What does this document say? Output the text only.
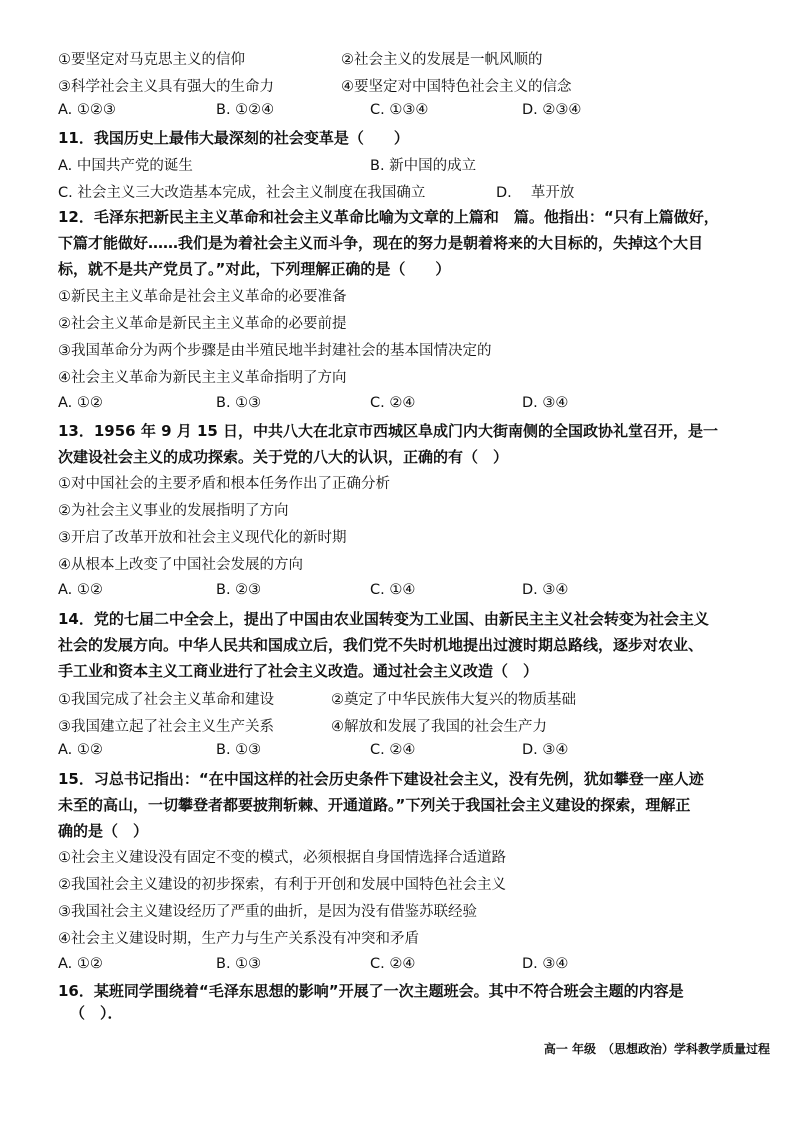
①要坚定对马克思主义的信仰	②社会主义的发展是一帆风顺的
③科学社会主义具有强大的生命力	④要坚定对中国特色社会主义的信念
A. ①②③	B. ①②④	C. ①③④	D. ②③④
11．我国历史上最伟大最深刻的社会变革是（　　）
A. 中国共产党的诞生	B. 新中国的成立
C. 社会主义三大改造基本完成，社会主义制度在我国确立	D. 　革开放
12．毛泽东把新民主主义革命和社会主义革命比喻为文章的上篇和　篇。他指出：“只有上篇做好，
下篇才能做好……我们是为着社会主义而斗争，现在的努力是朝着将来的大目标的，失掉这个大目
标，就不是共产党员了。”对此，下列理解正确的是（　　）
①新民主主义革命是社会主义革命的必要准备
②社会主义革命是新民主主义革命的必要前提
③我国革命分为两个步骤是由半殖民地半封建社会的基本国情决定的
④社会主义革命为新民主主义革命指明了方向
A. ①②	B. ①③	C. ②④	D. ③④
13．1956 年 9 月 15 日，中共八大在北京市西城区阜成门内大街南侧的全国政协礼堂召开，是一
次建设社会主义的成功探索。关于党的八大的认识，正确的有（　）
①对中国社会的主要矛盾和根本任务作出了正确分析
②为社会主义事业的发展指明了方向
③开启了改革开放和社会主义现代化的新时期
④从根本上改变了中国社会发展的方向
A. ①②	B. ②③	C. ①④	D. ③④
14．党的七届二中全会上，提出了中国由农业国转变为工业国、由新民主主义社会转变为社会主义
社会的发展方向。中华人民共和国成立后，我们党不失时机地提出过渡时期总路线，逐步对农业、
手工业和资本主义工商业进行了社会主义改造。通过社会主义改造（　）
①我国完成了社会主义革命和建设	②奠定了中华民族伟大复兴的物质基础
③我国建立起了社会主义生产关系	④解放和发展了我国的社会生产力
A. ①②	B. ①③	C. ②④	D. ③④
15．习总书记指出：“在中国这样的社会历史条件下建设社会主义，没有先例，犹如攀登一座人迹
未至的高山，一切攀登者都要披荆斩棘、开通道路。”下列关于我国社会主义建设的探索，理解正
确的是（　）
①社会主义建设没有固定不变的模式，必须根据自身国情选择合适道路
②我国社会主义建设的初步探索，有利于开创和发展中国特色社会主义
③我国社会主义建设经历了严重的曲折，是因为没有借鉴苏联经验
④社会主义建设时期，生产力与生产关系没有冲突和矛盾
A. ①②	B. ①③	C. ②④	D. ③④
16．某班同学围绕着“毛泽东思想的影响”开展了一次主题班会。其中不符合班会主题的内容是
（　）．
高一 年级　（思想政治）学科教学质量过程
